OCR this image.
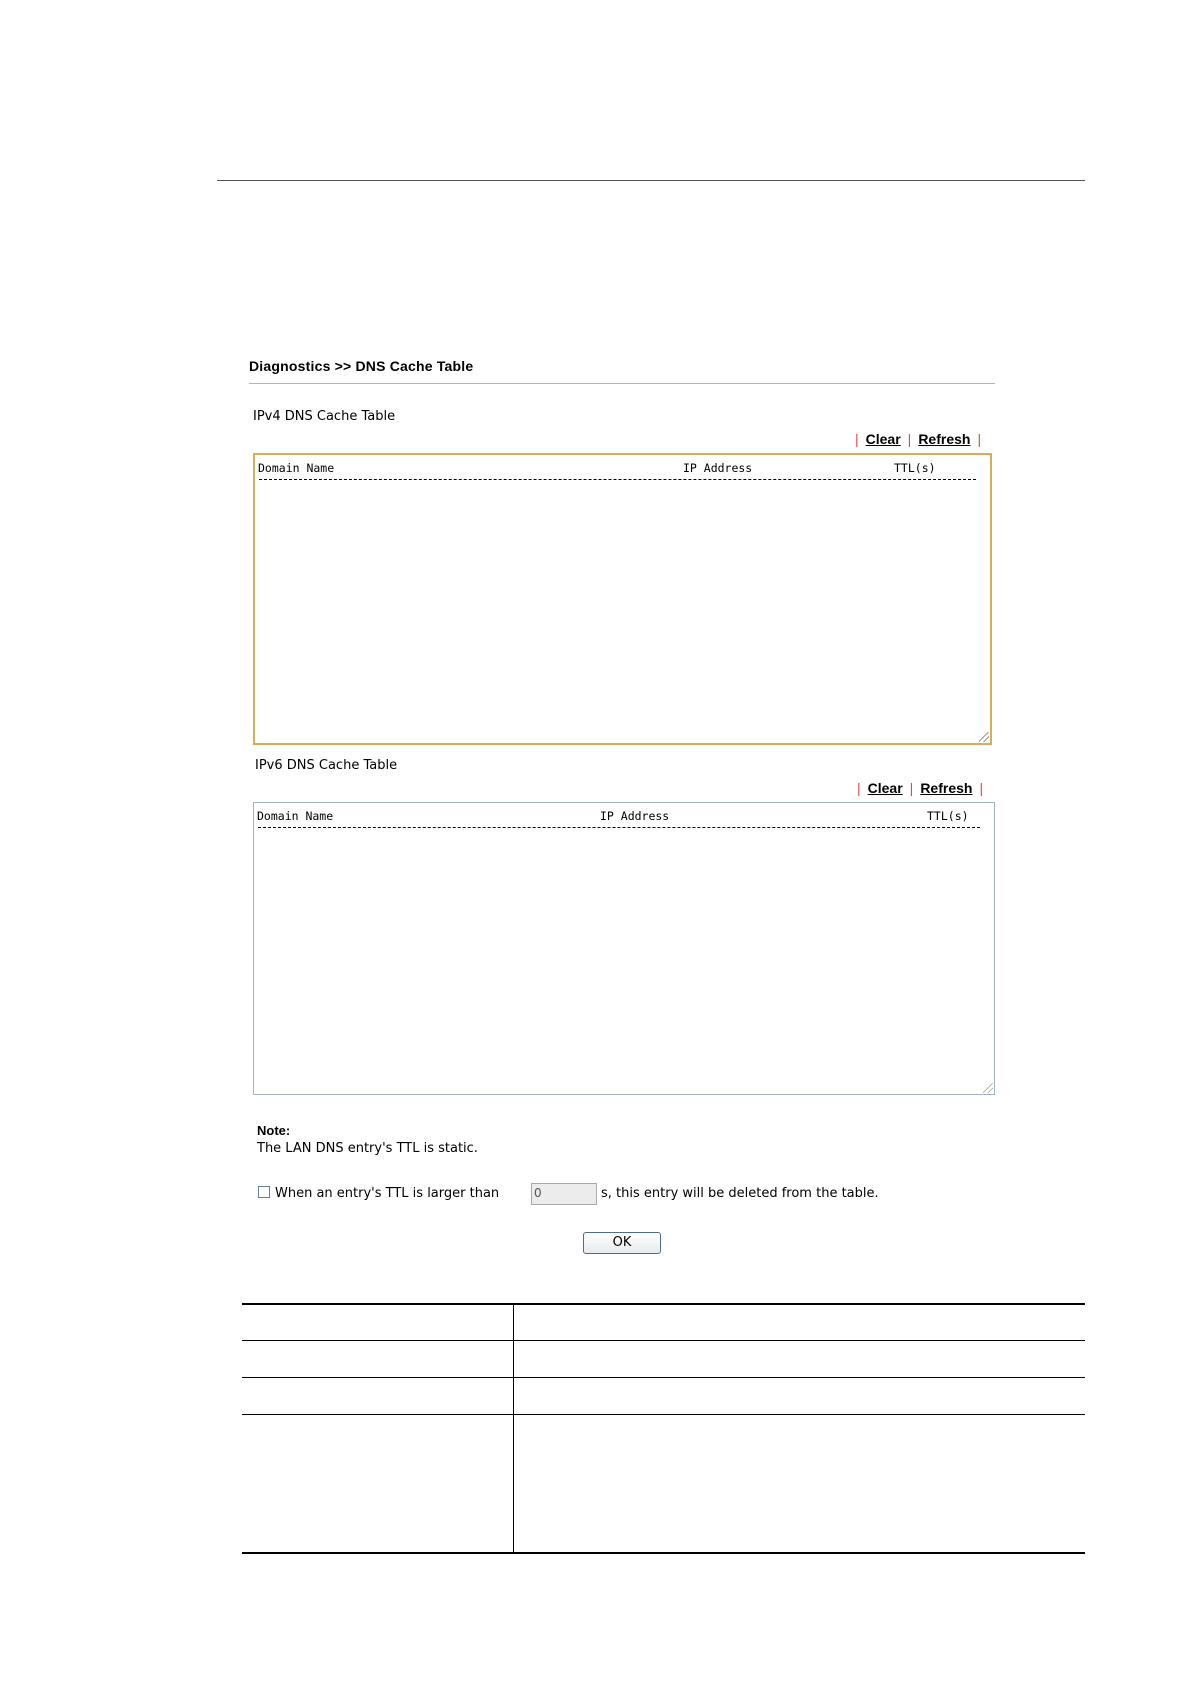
Diagnostics >> DNS Cache Table
IPv4 DNS Cache Table
| Clear | Refresh |
Domain Name	IP Address	TTL(s)
IPv6 DNS Cache Table
| Clear | Refresh |
Domain Name	IP Address	TTL(s)
Note:
The LAN DNS entry's TTL is static.
When an entry's TTL is larger than	0	s, this entry will be deleted from the table.
OK
